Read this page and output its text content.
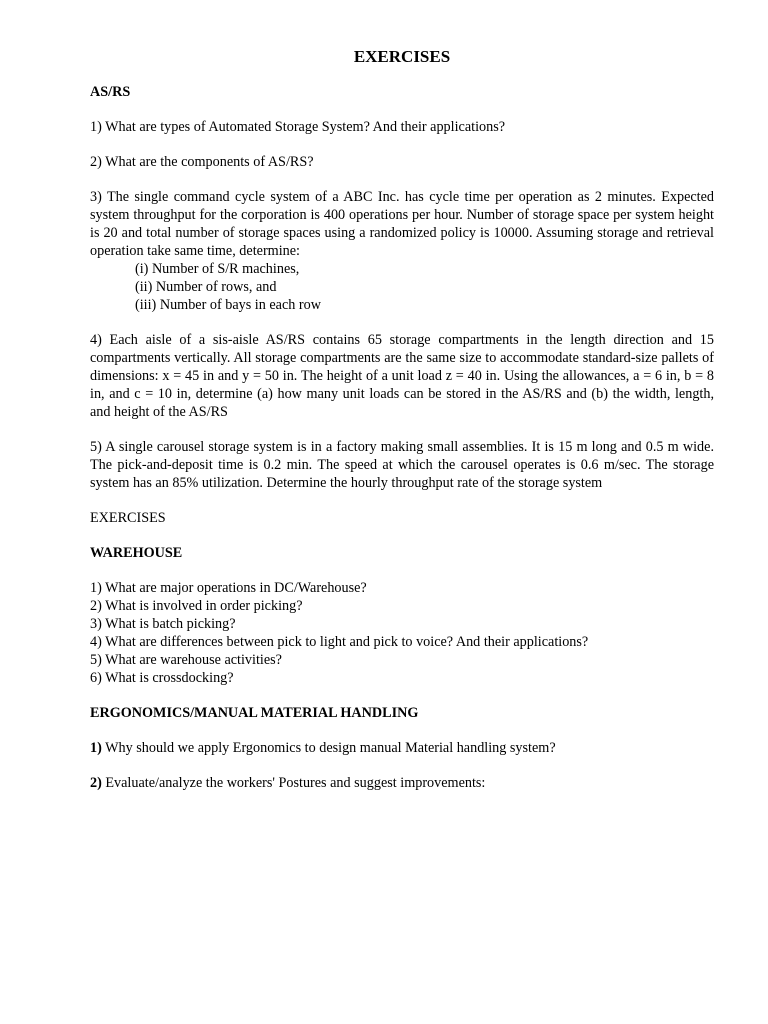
EXERCISES
AS/RS
1) What are types of Automated Storage System? And their applications?
2) What are the components of AS/RS?
3) The single command cycle system of a ABC Inc. has cycle time per operation as 2 minutes. Expected system throughput for the corporation is 400 operations per hour. Number of storage space per system height is 20 and total number of storage spaces using a randomized policy is 10000. Assuming storage and retrieval operation take same time, determine:
(i) Number of S/R machines,
(ii) Number of rows, and
(iii) Number of bays in each row
4) Each aisle of a sis-aisle AS/RS contains 65 storage compartments in the length direction and 15 compartments vertically. All storage compartments are the same size to accommodate standard-size pallets of dimensions: x = 45 in and y = 50 in. The height of a unit load z = 40 in. Using the allowances, a = 6 in, b = 8 in, and c = 10 in, determine (a) how many unit loads can be stored in the AS/RS and (b) the width, length, and height of the AS/RS
5) A single carousel storage system is in a factory making small assemblies. It is 15 m long and 0.5 m wide. The pick-and-deposit time is 0.2 min. The speed at which the carousel operates is 0.6 m/sec. The storage system has an 85% utilization. Determine the hourly throughput rate of the storage system
EXERCISES
WAREHOUSE
1) What are major operations in DC/Warehouse?
2) What is involved in order picking?
3) What is batch picking?
4) What are differences between pick to light and pick to voice? And their applications?
5) What are warehouse activities?
6) What is crossdocking?
ERGONOMICS/MANUAL MATERIAL HANDLING
1) Why should we apply Ergonomics to design manual Material handling system?
2) Evaluate/analyze the workers' Postures and suggest improvements:
